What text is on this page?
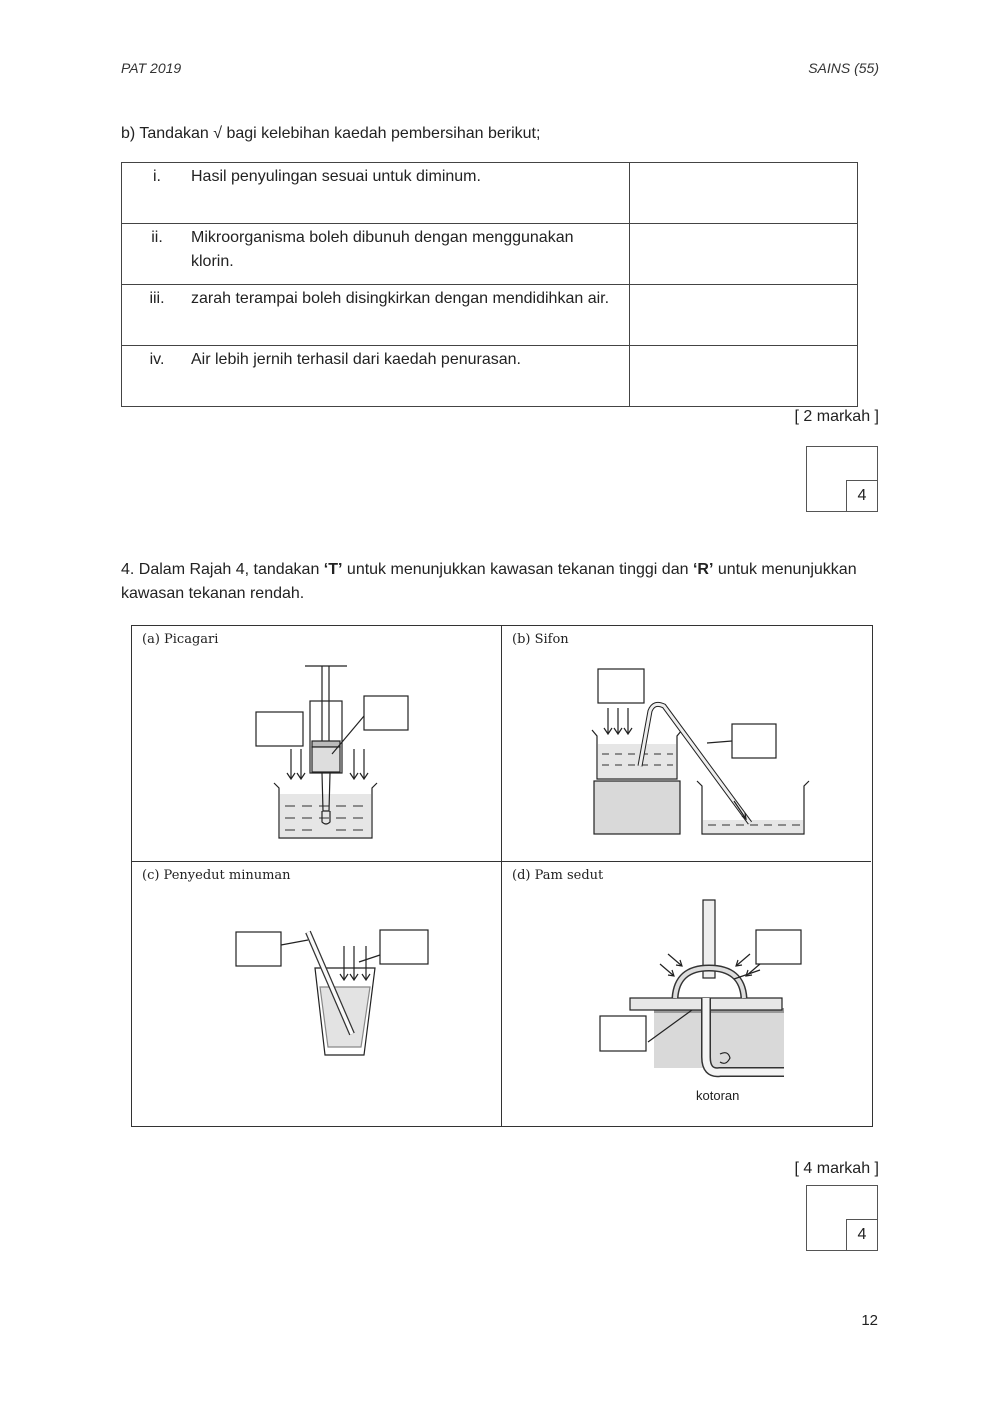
PAT 2019	SAINS (55)
b) Tandakan √ bagi kelebihan kaedah pembersihan berikut;
i. Hasil penyulingan sesuai untuk diminum.	

ii. Mikroorganisma boleh dibunuh dengan menggunakan klorin.	

iii. zarah terampai boleh disingkirkan dengan mendidihkan air.	

iv. Air lebih jernih terhasil dari kaedah penurasan.	

[ 2 markah ]
4
4. Dalam Rajah 4, tandakan ‘T’ untuk menunjukkan kawasan tekanan tinggi dan ‘R’ untuk menunjukkan kawasan tekanan rendah.
(a) Picagari	(b) Sifon
(c) Penyedut minuman	(d) Pam sedut
kotoran
[ 4 markah ]
4
12
